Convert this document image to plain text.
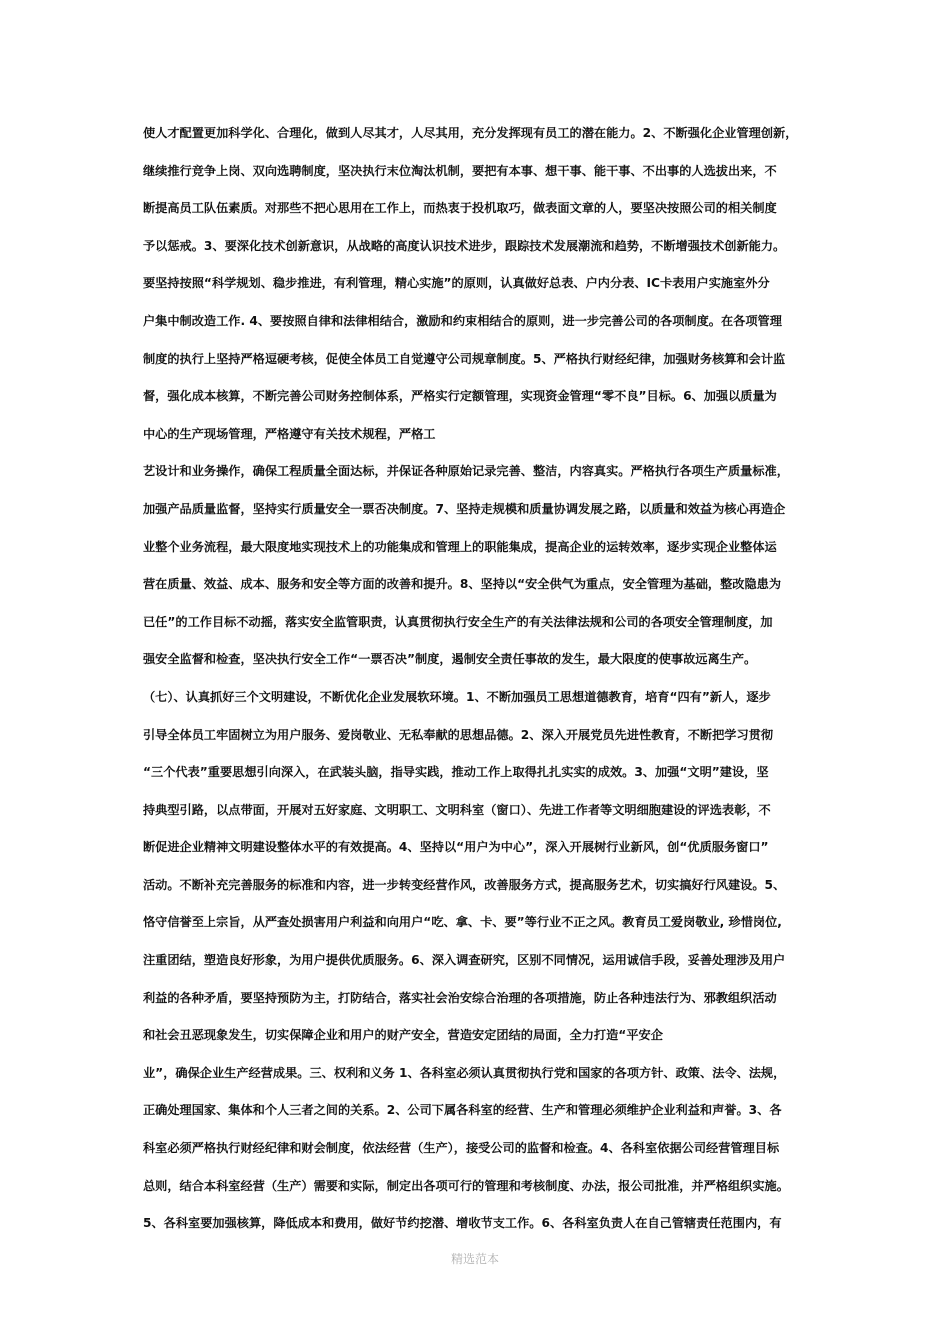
使人才配置更加科学化、合理化，做到人尽其才，人尽其用，充分发挥现有员工的潜在能力。2、不断强化企业管理创新，
继续推行竞争上岗、双向选聘制度，坚决执行末位淘汰机制，要把有本事、想干事、能干事、不出事的人选拔出来，不
断提高员工队伍素质。对那些不把心思用在工作上，而热衷于投机取巧，做表面文章的人，要坚决按照公司的相关制度
予以惩戒。3、要深化技术创新意识，从战略的高度认识技术进步，跟踪技术发展潮流和趋势，不断增强技术创新能力。
要坚持按照“科学规划、稳步推进，有利管理，精心实施”的原则，认真做好总表、户内分表、IC卡表用户实施室外分
户集中制改造工作. 4、要按照自律和法律相结合，激励和约束相结合的原则，进一步完善公司的各项制度。在各项管理
制度的执行上坚持严格逗硬考核，促使全体员工自觉遵守公司规章制度。5、严格执行财经纪律，加强财务核算和会计监
督，强化成本核算，不断完善公司财务控制体系，严格实行定额管理，实现资金管理“零不良”目标。6、加强以质量为
中心的生产现场管理，严格遵守有关技术规程，严格工
艺设计和业务操作，确保工程质量全面达标，并保证各种原始记录完善、整洁，内容真实。严格执行各项生产质量标准，
加强产品质量监督，坚持实行质量安全一票否决制度。7、坚持走规模和质量协调发展之路，以质量和效益为核心再造企
业整个业务流程，最大限度地实现技术上的功能集成和管理上的职能集成，提高企业的运转效率，逐步实现企业整体运
营在质量、效益、成本、服务和安全等方面的改善和提升。8、坚持以“安全供气为重点，安全管理为基础，整改隐患为
已任”的工作目标不动摇，落实安全监管职责，认真贯彻执行安全生产的有关法律法规和公司的各项安全管理制度，加
强安全监督和检查，坚决执行安全工作“一票否决”制度，遏制安全责任事故的发生，最大限度的使事故远离生产。
（七）、认真抓好三个文明建设，不断优化企业发展软环境。1、不断加强员工思想道德教育，培育“四有”新人，逐步
引导全体员工牢固树立为用户服务、爱岗敬业、无私奉献的思想品德。2、深入开展党员先进性教育，不断把学习贯彻
“三个代表”重要思想引向深入，在武装头脑，指导实践，推动工作上取得扎扎实实的成效。3、加强“文明”建设，坚
持典型引路，以点带面，开展对五好家庭、文明职工、文明科室（窗口）、先进工作者等文明细胞建设的评选表彰，不
断促进企业精神文明建设整体水平的有效提高。4、坚持以“用户为中心”，深入开展树行业新风，创“优质服务窗口”
活动。不断补充完善服务的标准和内容，进一步转变经营作风，改善服务方式，提高服务艺术，切实搞好行风建设。5、
恪守信誉至上宗旨，从严查处损害用户利益和向用户“吃、拿、卡、要”等行业不正之风。教育员工爱岗敬业, 珍惜岗位,
注重团结，塑造良好形象，为用户提供优质服务。6、深入调查研究，区别不同情况，运用诚信手段，妥善处理涉及用户
利益的各种矛盾，要坚持预防为主，打防结合，落实社会治安综合治理的各项措施，防止各种违法行为、邪教组织活动
和社会丑恶现象发生，切实保障企业和用户的财产安全，营造安定团结的局面，全力打造“平安企
业”，确保企业生产经营成果。三、权利和义务 1、各科室必须认真贯彻执行党和国家的各项方针、政策、法令、法规，
正确处理国家、集体和个人三者之间的关系。2、公司下属各科室的经营、生产和管理必须维护企业利益和声誉。3、各
科室必须严格执行财经纪律和财会制度，依法经营（生产），接受公司的监督和检查。4、各科室依据公司经营管理目标
总则，结合本科室经营（生产）需要和实际，制定出各项可行的管理和考核制度、办法，报公司批准，并严格组织实施。
5、各科室要加强核算，降低成本和费用，做好节约挖潜、增收节支工作。6、各科室负责人在自己管辖责任范围内，有
精选范本
